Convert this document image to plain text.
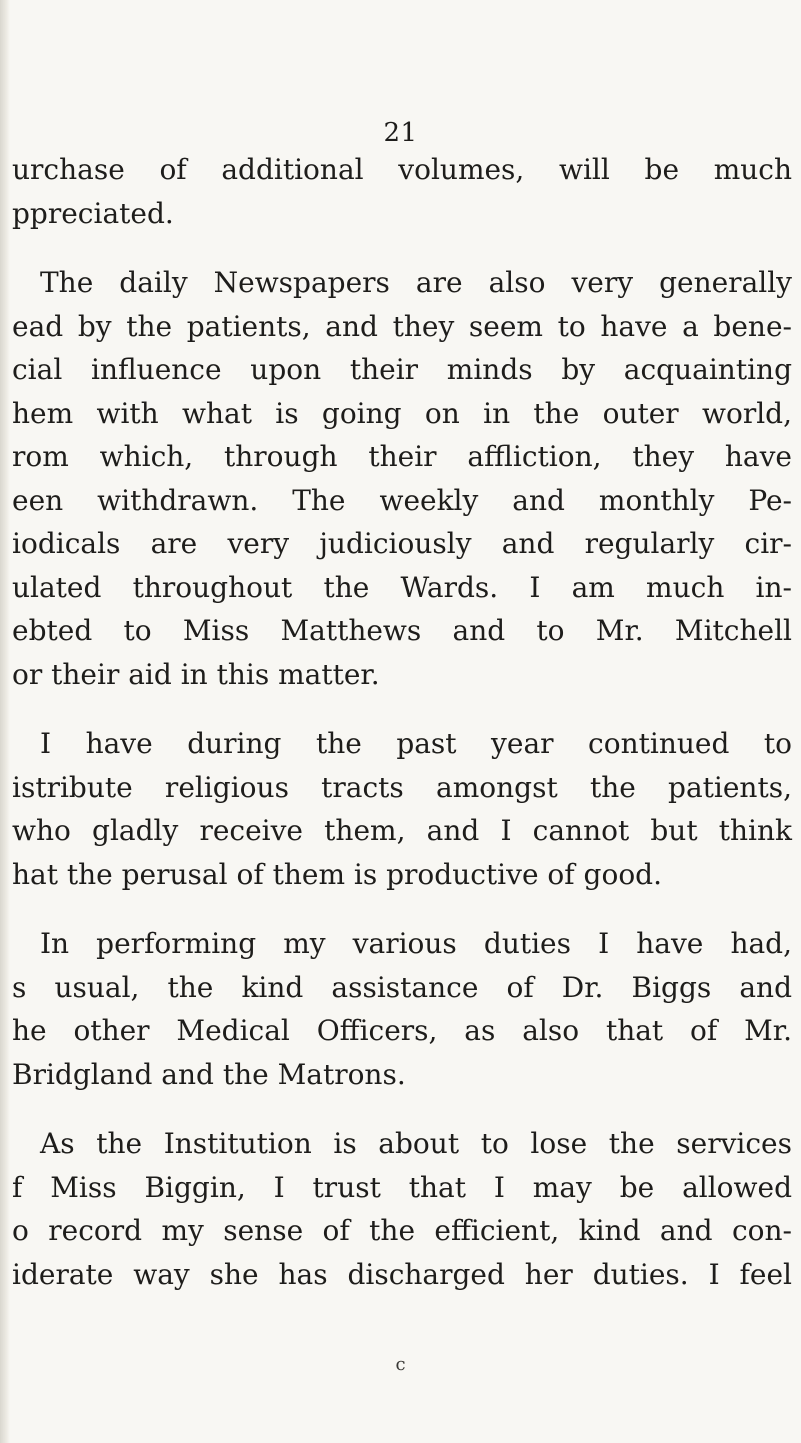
21
urchase of additional volumes, will be much
ppreciated.
The daily Newspapers are also very generally
ead by the patients, and they seem to have a bene-
cial influence upon their minds by acquainting
hem with what is going on in the outer world,
rom which, through their affliction, they have
een withdrawn. The weekly and monthly Pe-
iodicals are very judiciously and regularly cir-
ulated throughout the Wards. I am much in-
ebted to Miss Matthews and to Mr. Mitchell
or their aid in this matter.
I have during the past year continued to
istribute religious tracts amongst the patients,
who gladly receive them, and I cannot but think
hat the perusal of them is productive of good.
In performing my various duties I have had,
s usual, the kind assistance of Dr. Biggs and
he other Medical Officers, as also that of Mr.
Bridgland and the Matrons.
As the Institution is about to lose the services
f Miss Biggin, I trust that I may be allowed
o record my sense of the efficient, kind and con-
iderate way she has discharged her duties. I feel
c
